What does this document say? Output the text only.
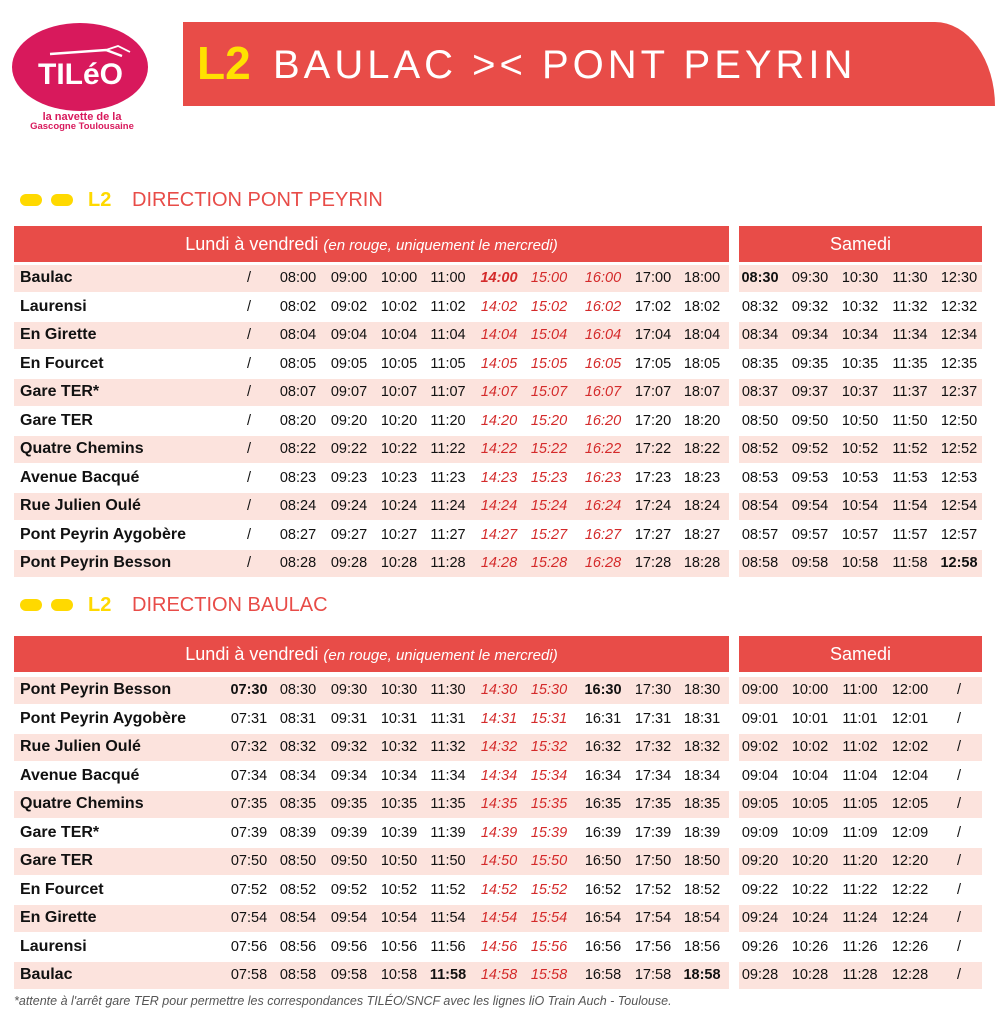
TILéO
la navette de la
Gascogne Toulousaine
L2 BAULAC >< PONT PEYRIN
L2 DIRECTION PONT PEYRIN
Lundi à vendredi (en rouge, uniquement le mercredi)	Samedi
Baulac	/	08:00	09:00 10:00 11:00	14:00 15:00	16:00 17:00 18:00	08:30 09:30 10:30 11:30 12:30
Laurensi	/	08:02	09:02 10:02 11:02	14:02 15:02	16:02 17:02 18:02	08:32 09:32 10:32 11:32 12:32
En Girette	/	08:04	09:04 10:04 11:04	14:04 15:04	16:04 17:04 18:04	08:34 09:34 10:34 11:34 12:34
En Fourcet	/	08:05	09:05 10:05 11:05	14:05 15:05	16:05 17:05 18:05	08:35 09:35 10:35 11:35 12:35
Gare TER*	/	08:07	09:07 10:07 11:07	14:07 15:07	16:07 17:07 18:07	08:37 09:37 10:37 11:37 12:37
Gare TER	/	08:20	09:20 10:20 11:20	14:20 15:20	16:20 17:20 18:20	08:50 09:50 10:50 11:50 12:50
Quatre Chemins	/	08:22	09:22 10:22 11:22	14:22 15:22	16:22 17:22 18:22	08:52 09:52 10:52 11:52 12:52
Avenue Bacqué	/	08:23	09:23 10:23 11:23	14:23 15:23	16:23 17:23 18:23	08:53 09:53 10:53 11:53 12:53
Rue Julien Oulé	/	08:24	09:24 10:24 11:24	14:24 15:24	16:24 17:24 18:24	08:54 09:54 10:54 11:54 12:54
Pont Peyrin Aygobère	/	08:27	09:27 10:27 11:27	14:27 15:27	16:27 17:27 18:27	08:57 09:57 10:57 11:57 12:57
Pont Peyrin Besson	/	08:28	09:28 10:28 11:28	14:28 15:28	16:28 17:28 18:28	08:58 09:58 10:58 11:58 12:58
L2 DIRECTION BAULAC
Lundi à vendredi (en rouge, uniquement le mercredi)	Samedi
Pont Peyrin Besson	07:30 08:30	09:30 10:30 11:30	14:30 15:30	16:30 17:30 18:30	09:00 10:00 11:00 12:00	/
Pont Peyrin Aygobère	07:31 08:31	09:31 10:31 11:31	14:31 15:31	16:31 17:31 18:31	09:01 10:01 11:01 12:01	/
Rue Julien Oulé	07:32 08:32	09:32 10:32 11:32	14:32 15:32	16:32 17:32 18:32	09:02 10:02 11:02 12:02	/
Avenue Bacqué	07:34 08:34	09:34 10:34 11:34	14:34 15:34	16:34 17:34 18:34	09:04 10:04 11:04 12:04	/
Quatre Chemins	07:35 08:35	09:35 10:35 11:35	14:35 15:35	16:35 17:35 18:35	09:05 10:05 11:05 12:05	/
Gare TER*	07:39 08:39	09:39 10:39 11:39	14:39 15:39	16:39 17:39 18:39	09:09 10:09 11:09 12:09	/
Gare TER	07:50 08:50	09:50 10:50 11:50	14:50 15:50	16:50 17:50 18:50	09:20 10:20 11:20 12:20	/
En Fourcet	07:52 08:52	09:52 10:52 11:52	14:52 15:52	16:52 17:52 18:52	09:22 10:22 11:22 12:22	/
En Girette	07:54 08:54	09:54 10:54 11:54	14:54 15:54	16:54 17:54 18:54	09:24 10:24 11:24 12:24	/
Laurensi	07:56 08:56	09:56 10:56 11:56	14:56 15:56	16:56 17:56 18:56	09:26 10:26 11:26 12:26	/
Baulac	07:58 08:58	09:58 10:58 11:58	14:58 15:58	16:58 17:58 18:58	09:28 10:28 11:28 12:28	/
*attente à l'arrêt gare TER pour permettre les correspondances TILÉO/SNCF avec les lignes liO Train Auch - Toulouse.
